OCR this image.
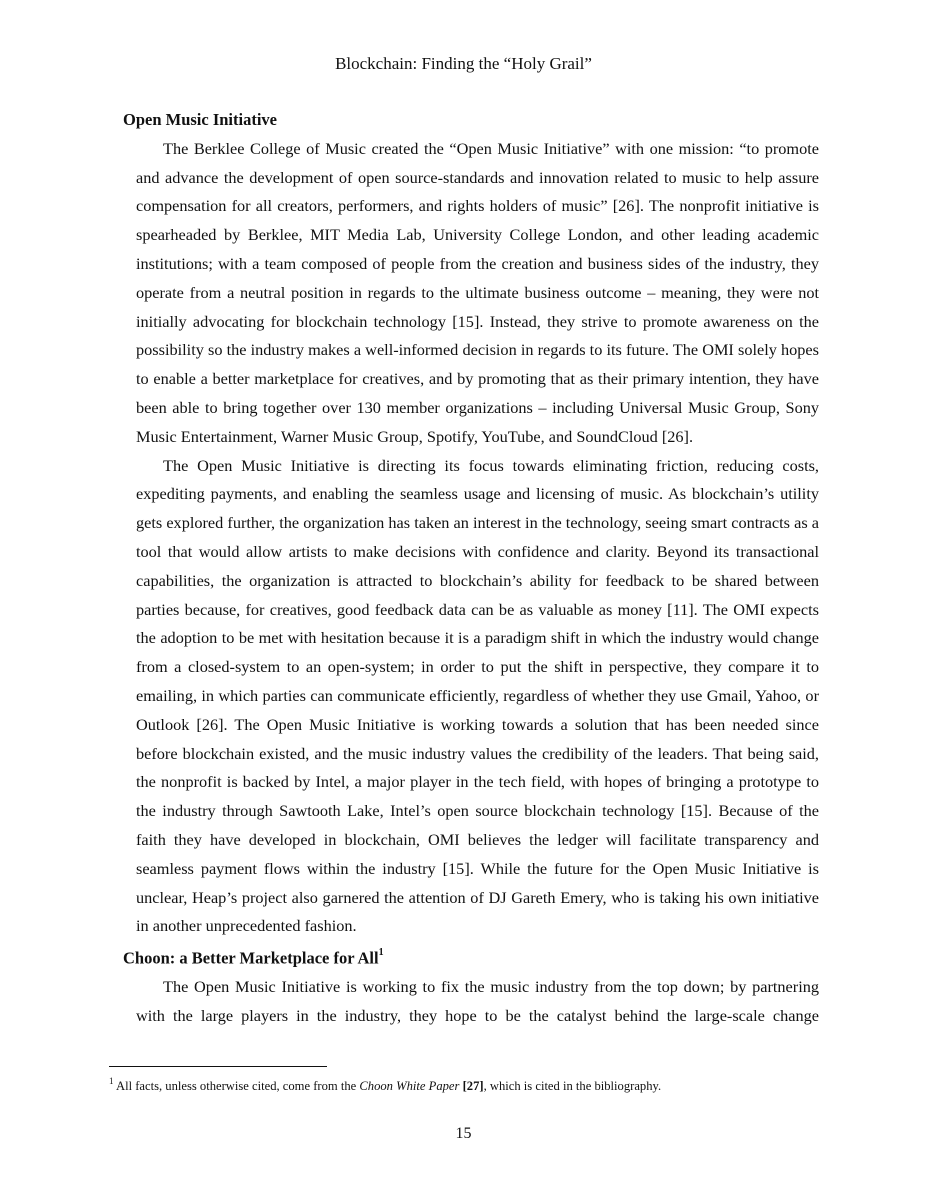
Blockchain: Finding the “Holy Grail”
Open Music Initiative

The Berklee College of Music created the “Open Music Initiative” with one mission: “to promote and advance the development of open source-standards and innovation related to music to help assure compensation for all creators, performers, and rights holders of music” [26]. The nonprofit initiative is spearheaded by Berklee, MIT Media Lab, University College London, and other leading academic institutions; with a team composed of people from the creation and business sides of the industry, they operate from a neutral position in regards to the ultimate business outcome – meaning, they were not initially advocating for blockchain technology [15]. Instead, they strive to promote awareness on the possibility so the industry makes a well-informed decision in regards to its future. The OMI solely hopes to enable a better marketplace for creatives, and by promoting that as their primary intention, they have been able to bring together over 130 member organizations – including Universal Music Group, Sony Music Entertainment, Warner Music Group, Spotify, YouTube, and SoundCloud [26].

The Open Music Initiative is directing its focus towards eliminating friction, reducing costs, expediting payments, and enabling the seamless usage and licensing of music. As blockchain’s utility gets explored further, the organization has taken an interest in the technology, seeing smart contracts as a tool that would allow artists to make decisions with confidence and clarity. Beyond its transactional capabilities, the organization is attracted to blockchain’s ability for feedback to be shared between parties because, for creatives, good feedback data can be as valuable as money [11]. The OMI expects the adoption to be met with hesitation because it is a paradigm shift in which the industry would change from a closed-system to an open-system; in order to put the shift in perspective, they compare it to emailing, in which parties can communicate efficiently, regardless of whether they use Gmail, Yahoo, or Outlook [26]. The Open Music Initiative is working towards a solution that has been needed since before blockchain existed, and the music industry values the credibility of the leaders. That being said, the nonprofit is backed by Intel, a major player in the tech field, with hopes of bringing a prototype to the industry through Sawtooth Lake, Intel’s open source blockchain technology [15]. Because of the faith they have developed in blockchain, OMI believes the ledger will facilitate transparency and seamless payment flows within the industry [15]. While the future for the Open Music Initiative is unclear, Heap’s project also garnered the attention of DJ Gareth Emery, who is taking his own initiative in another unprecedented fashion.

Choon: a Better Marketplace for All$^1$

The Open Music Initiative is working to fix the music industry from the top down; by partnering with the large players in the industry, they hope to be the catalyst behind the large-scale change

$^1$ All facts, unless otherwise cited, come from the Choon White Paper [27], which is cited in the bibliography.
15
